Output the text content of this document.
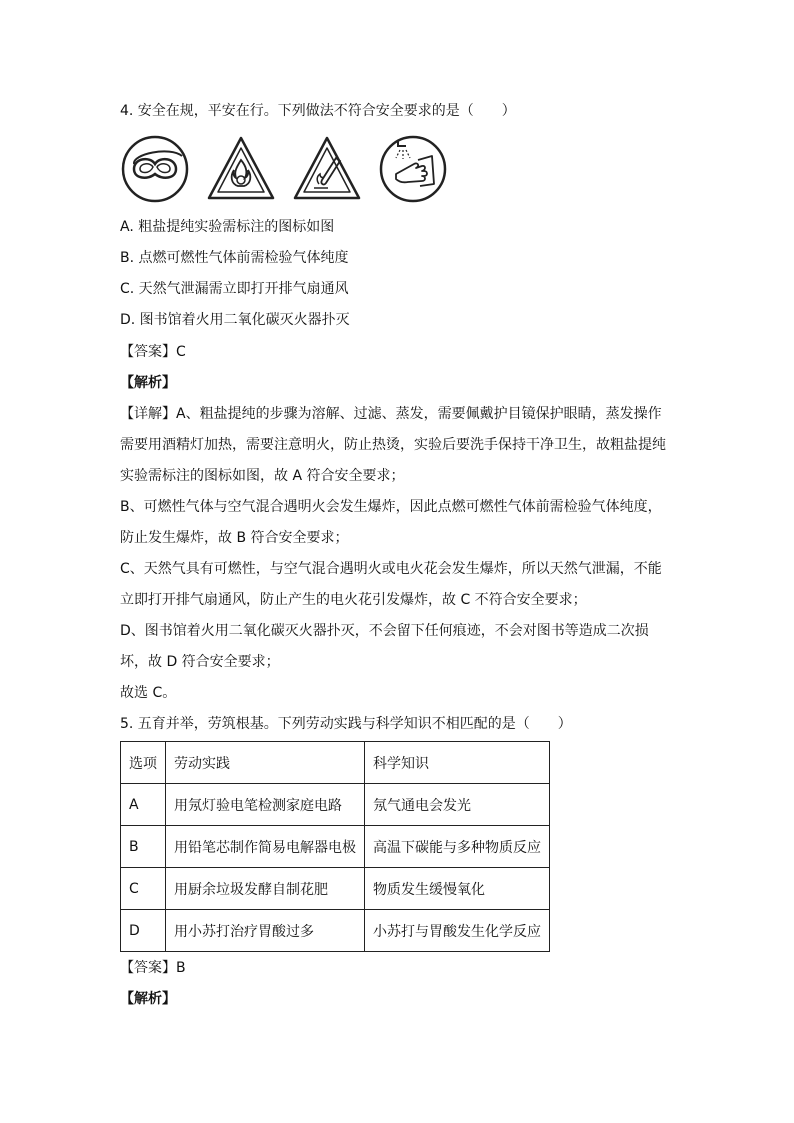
4. 安全在规，平安在行。下列做法不符合安全要求的是（　　）
A. 粗盐提纯实验需标注的图标如图
B. 点燃可燃性气体前需检验气体纯度
C. 天然气泄漏需立即打开排气扇通风
D. 图书馆着火用二氧化碳灭火器扑灭
【答案】C
【解析】
【详解】A、粗盐提纯的步骤为溶解、过滤、蒸发，需要佩戴护目镜保护眼睛，蒸发操作
需要用酒精灯加热，需要注意明火，防止热烫，实验后要洗手保持干净卫生，故粗盐提纯
实验需标注的图标如图，故 A 符合安全要求；
B、可燃性气体与空气混合遇明火会发生爆炸，因此点燃可燃性气体前需检验气体纯度，
防止发生爆炸，故 B 符合安全要求；
C、天然气具有可燃性，与空气混合遇明火或电火花会发生爆炸，所以天然气泄漏，不能
立即打开排气扇通风，防止产生的电火花引发爆炸，故 C 不符合安全要求；
D、图书馆着火用二氧化碳灭火器扑灭，不会留下任何痕迹，不会对图书等造成二次损
坏，故 D 符合安全要求；
故选 C。
5. 五育并举，劳筑根基。下列劳动实践与科学知识不相匹配的是（　　）
选项	劳动实践	科学知识
A	用氖灯验电笔检测家庭电路	氖气通电会发光
B	用铅笔芯制作简易电解器电极	高温下碳能与多种物质反应
C	用厨余垃圾发酵自制花肥	物质发生缓慢氧化
D	用小苏打治疗胃酸过多	小苏打与胃酸发生化学反应
【答案】B
【解析】
